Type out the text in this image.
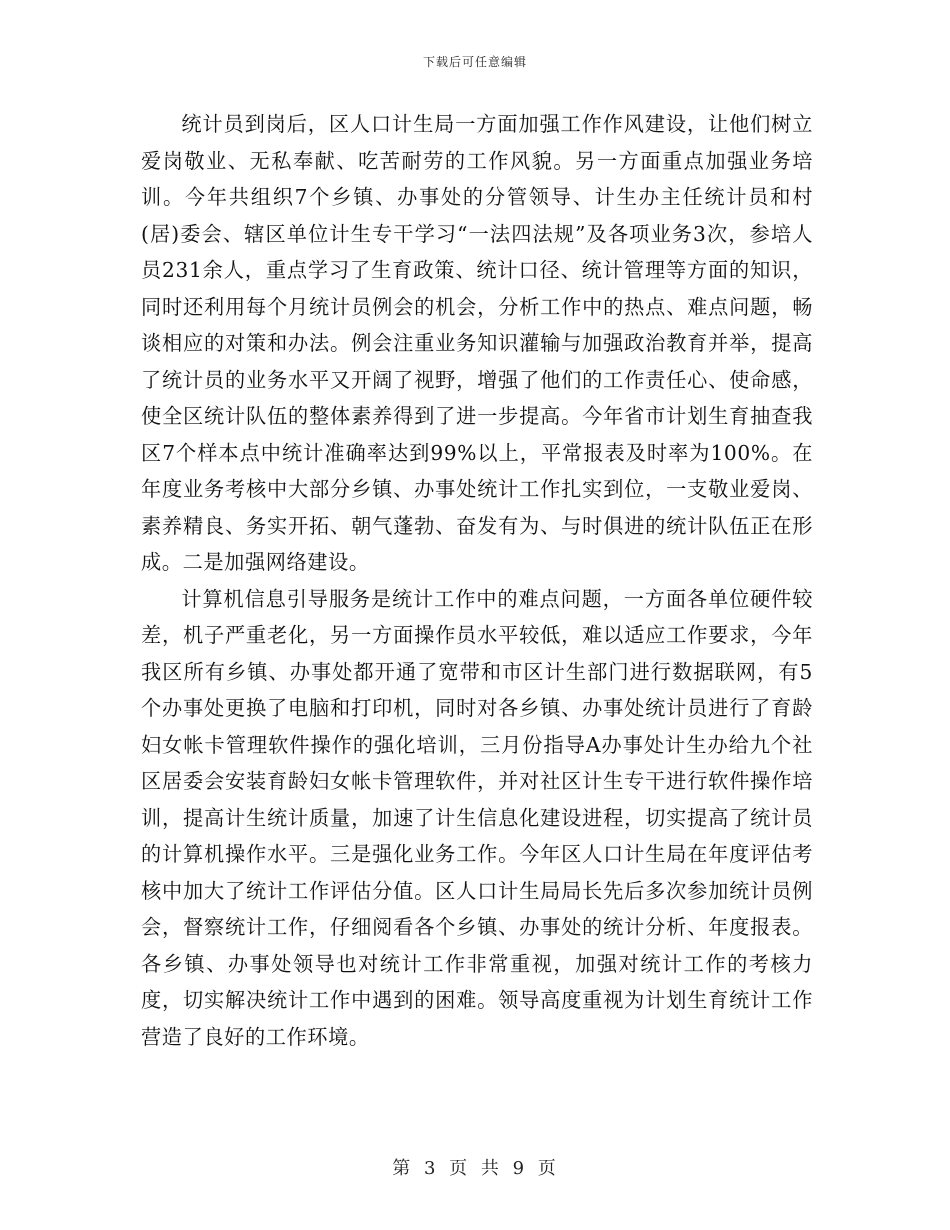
下载后可任意编辑

统计员到岗后，区人口计生局一方面加强工作作风建设，让他们树立爱岗敬业、无私奉献、吃苦耐劳的工作风貌。另一方面重点加强业务培训。今年共组织7个乡镇、办事处的分管领导、计生办主任统计员和村(居)委会、辖区单位计生专干学习“一法四法规”及各项业务3次，参培人员231余人，重点学习了生育政策、统计口径、统计管理等方面的知识，同时还利用每个月统计员例会的机会，分析工作中的热点、难点问题，畅谈相应的对策和办法。例会注重业务知识灌输与加强政治教育并举，提高了统计员的业务水平又开阔了视野，增强了他们的工作责任心、使命感，使全区统计队伍的整体素养得到了进一步提高。今年省市计划生育抽查我区7个样本点中统计准确率达到99%以上，平常报表及时率为100%。在年度业务考核中大部分乡镇、办事处统计工作扎实到位，一支敬业爱岗、素养精良、务实开拓、朝气蓬勃、奋发有为、与时俱进的统计队伍正在形成。二是加强网络建设。

计算机信息引导服务是统计工作中的难点问题，一方面各单位硬件较差，机子严重老化，另一方面操作员水平较低，难以适应工作要求，今年我区所有乡镇、办事处都开通了宽带和市区计生部门进行数据联网，有5个办事处更换了电脑和打印机，同时对各乡镇、办事处统计员进行了育龄妇女帐卡管理软件操作的强化培训，三月份指导A办事处计生办给九个社区居委会安装育龄妇女帐卡管理软件，并对社区计生专干进行软件操作培训，提高计生统计质量，加速了计生信息化建设进程，切实提高了统计员的计算机操作水平。三是强化业务工作。今年区人口计生局在年度评估考核中加大了统计工作评估分值。区人口计生局局长先后多次参加统计员例会，督察统计工作，仔细阅看各个乡镇、办事处的统计分析、年度报表。各乡镇、办事处领导也对统计工作非常重视，加强对统计工作的考核力度，切实解决统计工作中遇到的困难。领导高度重视为计划生育统计工作营造了良好的工作环境。

第 3 页 共 9 页
